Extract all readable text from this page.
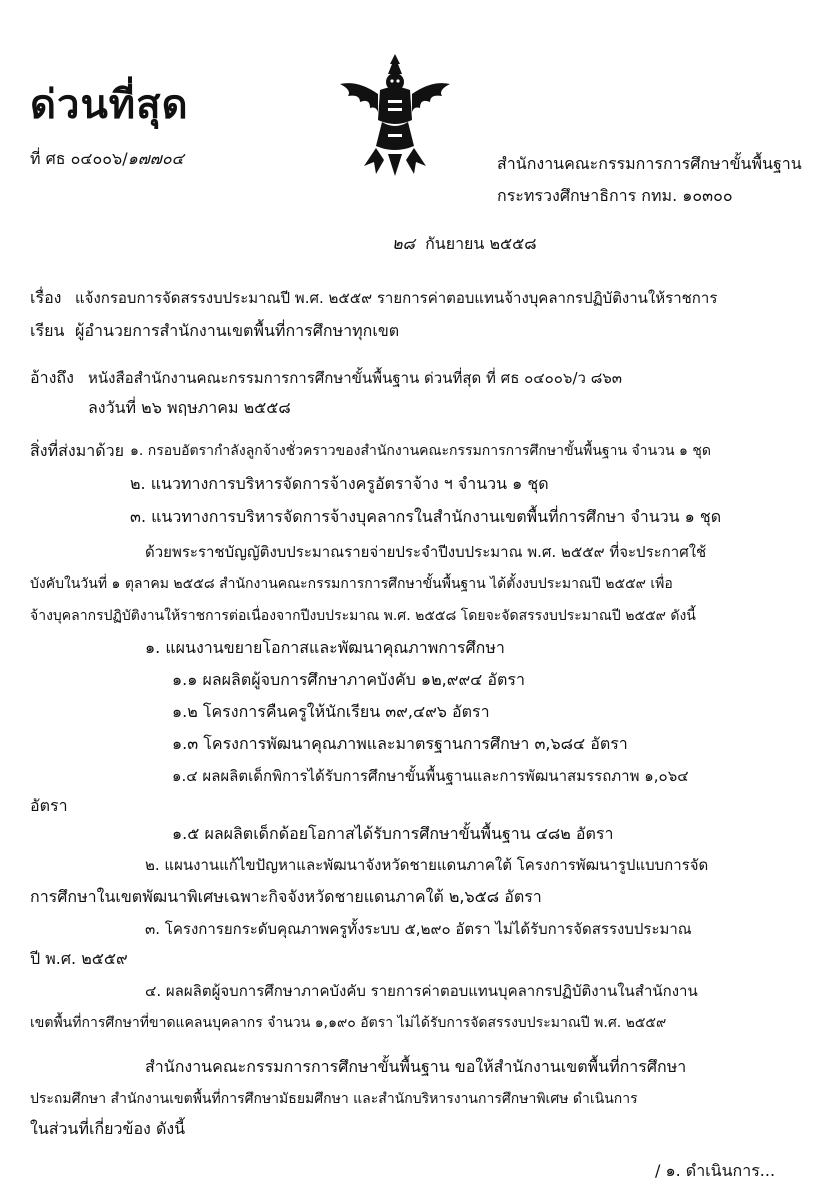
ด่วนที่สุด
ที่ ศธ ๐๔๐๐๖/๑๗๗๐๔	สำนักงานคณะกรรมการการศึกษาขั้นพื้นฐาน
กระทรวงศึกษาธิการ กทม. ๑๐๓๐๐
๒๘ กันยายน ๒๕๕๘
เรื่อง แจ้งกรอบการจัดสรรงบประมาณปี พ.ศ. ๒๕๕๙ รายการค่าตอบแทนจ้างบุคลากรปฏิบัติงานให้ราชการ
เรียน ผู้อำนวยการสำนักงานเขตพื้นที่การศึกษาทุกเขต
อ้างถึง หนังสือสำนักงานคณะกรรมการการศึกษาขั้นพื้นฐาน ด่วนที่สุด ที่ ศธ ๐๔๐๐๖/ว ๘๖๓
ลงวันที่ ๒๖ พฤษภาคม ๒๕๕๘
สิ่งที่ส่งมาด้วย ๑. กรอบอัตรากำลังลูกจ้างชั่วคราวของสำนักงานคณะกรรมการการศึกษาขั้นพื้นฐาน จำนวน ๑ ชุด
๒. แนวทางการบริหารจัดการจ้างครูอัตราจ้าง ฯ จำนวน ๑ ชุด
๓. แนวทางการบริหารจัดการจ้างบุคลากรในสำนักงานเขตพื้นที่การศึกษา จำนวน ๑ ชุด
ด้วยพระราชบัญญัติงบประมาณรายจ่ายประจำปีงบประมาณ พ.ศ. ๒๕๕๙ ที่จะประกาศใช้
บังคับในวันที่ ๑ ตุลาคม ๒๕๕๘ สำนักงานคณะกรรมการการศึกษาขั้นพื้นฐาน ได้ตั้งงบประมาณปี ๒๕๕๙ เพื่อ
จ้างบุคลากรปฏิบัติงานให้ราชการต่อเนื่องจากปีงบประมาณ พ.ศ. ๒๕๕๘ โดยจะจัดสรรงบประมาณปี ๒๕๕๙ ดังนี้
๑. แผนงานขยายโอกาสและพัฒนาคุณภาพการศึกษา
๑.๑ ผลผลิตผู้จบการศึกษาภาคบังคับ ๑๒,๙๙๔ อัตรา
๑.๒ โครงการคืนครูให้นักเรียน ๓๙,๔๙๖ อัตรา
๑.๓ โครงการพัฒนาคุณภาพและมาตรฐานการศึกษา ๓,๖๘๔ อัตรา
๑.๔ ผลผลิตเด็กพิการได้รับการศึกษาขั้นพื้นฐานและการพัฒนาสมรรถภาพ ๑,๐๖๔
อัตรา
๑.๕ ผลผลิตเด็กด้อยโอกาสได้รับการศึกษาขั้นพื้นฐาน ๔๘๒ อัตรา
๒. แผนงานแก้ไขปัญหาและพัฒนาจังหวัดชายแดนภาคใต้ โครงการพัฒนารูปแบบการจัด
การศึกษาในเขตพัฒนาพิเศษเฉพาะกิจจังหวัดชายแดนภาคใต้ ๒,๖๕๘ อัตรา
๓. โครงการยกระดับคุณภาพครูทั้งระบบ ๕,๒๙๐ อัตรา ไม่ได้รับการจัดสรรงบประมาณ
ปี พ.ศ. ๒๕๕๙
๔. ผลผลิตผู้จบการศึกษาภาคบังคับ รายการค่าตอบแทนบุคลากรปฏิบัติงานในสำนักงาน
เขตพื้นที่การศึกษาที่ขาดแคลนบุคลากร จำนวน ๑,๑๙๐ อัตรา ไม่ได้รับการจัดสรรงบประมาณปี พ.ศ. ๒๕๕๙
สำนักงานคณะกรรมการการศึกษาขั้นพื้นฐาน ขอให้สำนักงานเขตพื้นที่การศึกษา
ประถมศึกษา สำนักงานเขตพื้นที่การศึกษามัธยมศึกษา และสำนักบริหารงานการศึกษาพิเศษ ดำเนินการ
ในส่วนที่เกี่ยวข้อง ดังนี้
/ ๑. ดำเนินการ...
